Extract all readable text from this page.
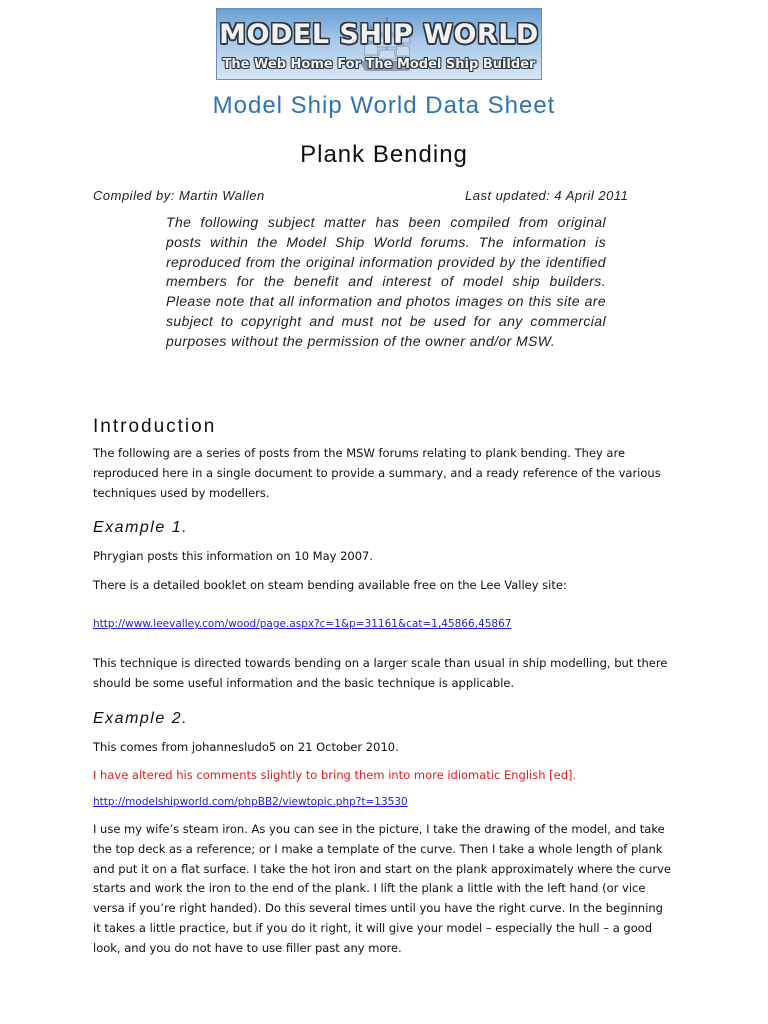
MODEL SHIP WORLD
The Web Home For The Model Ship Builder
Model Ship World Data Sheet
Plank Bending
Compiled by: Martin Wallen	Last updated: 4 April 2011

The following subject matter has been compiled from original posts within the Model Ship World forums. The information is reproduced from the original information provided by the identified members for the benefit and interest of model ship builders. Please note that all information and photos images on this site are subject to copyright and must not be used for any commercial purposes without the permission of the owner and/or MSW.

Introduction

The following are a series of posts from the MSW forums relating to plank bending. They are reproduced here in a single document to provide a summary, and a ready reference of the various techniques used by modellers.

Example 1.

Phrygian posts this information on 10 May 2007.

There is a detailed booklet on steam bending available free on the Lee Valley site:

http://www.leevalley.com/wood/page.aspx?c=1&p=31161&cat=1,45866,45867

This technique is directed towards bending on a larger scale than usual in ship modelling, but there should be some useful information and the basic technique is applicable.

Example 2.

This comes from johannesludo5 on 21 October 2010.

I have altered his comments slightly to bring them into more idiomatic English [ed].

http://modelshipworld.com/phpBB2/viewtopic.php?t=13530

I use my wife’s steam iron. As you can see in the picture, I take the drawing of the model, and take the top deck as a reference; or I make a template of the curve. Then I take a whole length of plank and put it on a flat surface. I take the hot iron and start on the plank approximately where the curve starts and work the iron to the end of the plank. I lift the plank a little with the left hand (or vice versa if you’re right handed). Do this several times until you have the right curve. In the beginning it takes a little practice, but if you do it right, it will give your model – especially the hull – a good look, and you do not have to use filler past any more.
